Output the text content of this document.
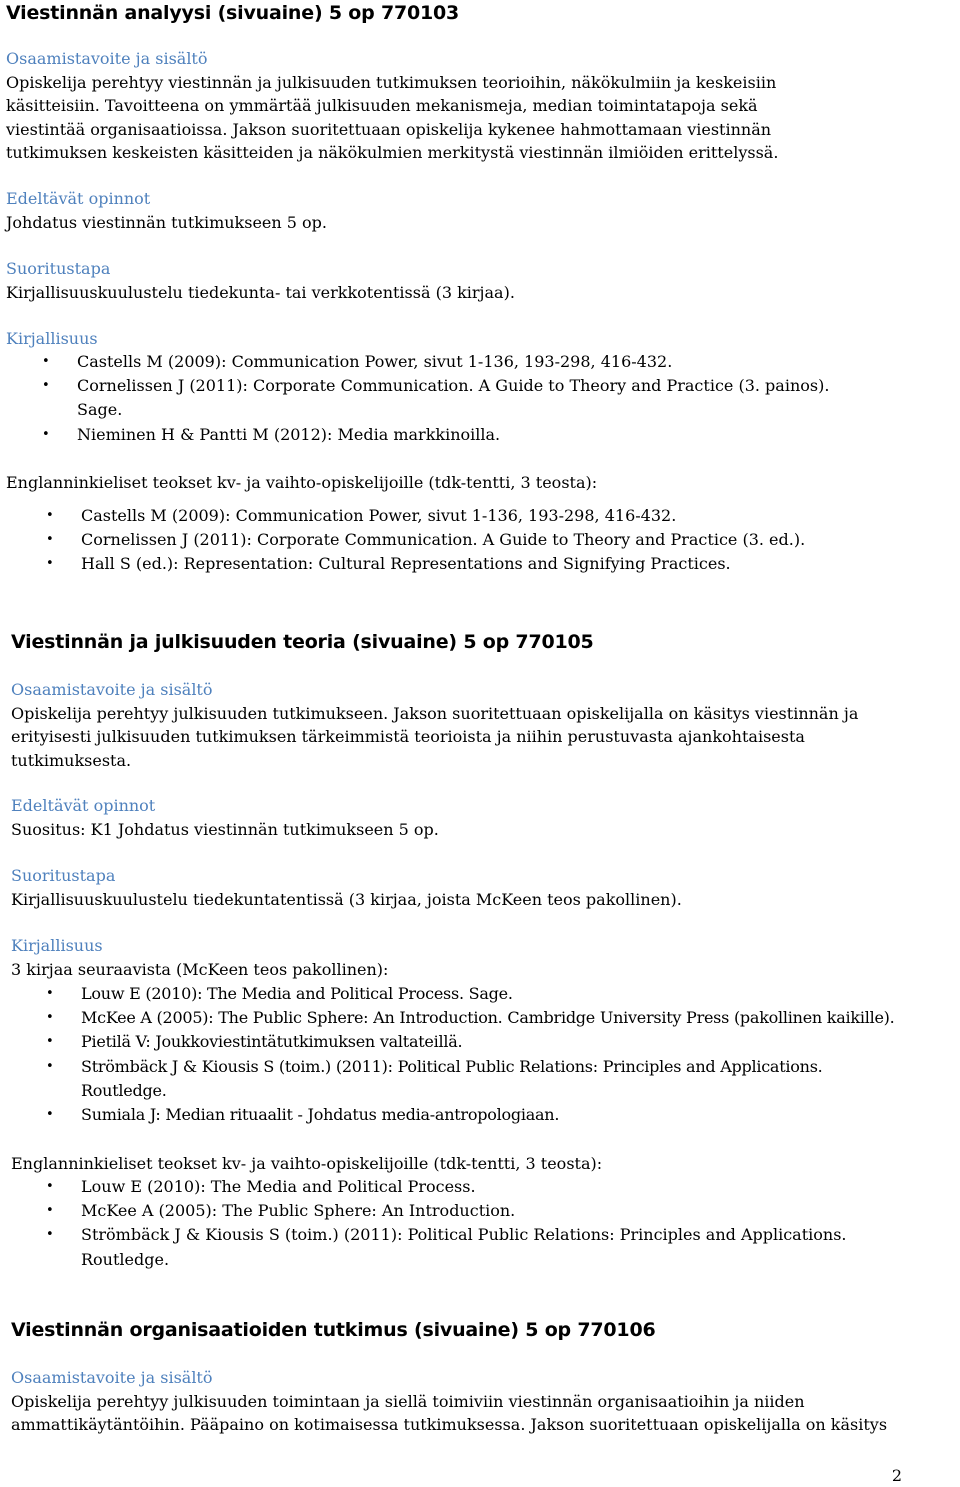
Viestinnän analyysi (sivuaine) 5 op 770103
Osaamistavoite ja sisältö

Opiskelija perehtyy viestinnän ja julkisuuden tutkimuksen teorioihin, näkökulmiin ja keskeisiin käsitteisiin. Tavoitteena on ymmärtää julkisuuden mekanismeja, median toimintatapoja sekä viestintää organisaatioissa. Jakson suoritettuaan opiskelija kykenee hahmottamaan viestinnän tutkimuksen keskeisten käsitteiden ja näkökulmien merkitystä viestinnän ilmiöiden erittelyssä.

Edeltävät opinnot

Johdatus viestinnän tutkimukseen 5 op.

Suoritustapa

Kirjallisuuskuulustelu tiedekunta- tai verkkotentissä (3 kirjaa).

Kirjallisuus
• Castells M (2009): Communication Power, sivut 1-136, 193-298, 416-432.
• Cornelissen J (2011): Corporate Communication. A Guide to Theory and Practice (3. painos). Sage.
• Nieminen H & Pantti M (2012): Media markkinoilla.

Englanninkieliset teokset kv- ja vaihto-opiskelijoille (tdk-tentti, 3 teosta):

• Castells M (2009): Communication Power, sivut 1-136, 193-298, 416-432.
• Cornelissen J (2011): Corporate Communication. A Guide to Theory and Practice (3. ed.).
• Hall S (ed.): Representation: Cultural Representations and Signifying Practices.
Viestinnän ja julkisuuden teoria (sivuaine) 5 op 770105
Osaamistavoite ja sisältö

Opiskelija perehtyy julkisuuden tutkimukseen. Jakson suoritettuaan opiskelijalla on käsitys viestinnän ja erityisesti julkisuuden tutkimuksen tärkeimmistä teorioista ja niihin perustuvasta ajankohtaisesta tutkimuksesta.

Edeltävät opinnot

Suositus: K1 Johdatus viestinnän tutkimukseen 5 op.

Suoritustapa

Kirjallisuuskuulustelu tiedekuntatentissä (3 kirjaa, joista McKeen teos pakollinen).

Kirjallisuus

3 kirjaa seuraavista (McKeen teos pakollinen):

• Louw E (2010): The Media and Political Process. Sage.
• McKee A (2005): The Public Sphere: An Introduction. Cambridge University Press (pakollinen kaikille).
• Pietilä V: Joukkoviestintätutkimuksen valtateillä.
• Strömbäck J & Kiousis S (toim.) (2011): Political Public Relations: Principles and Applications. Routledge.
• Sumiala J: Median rituaalit - Johdatus media-antropologiaan.

Englanninkieliset teokset kv- ja vaihto-opiskelijoille (tdk-tentti, 3 teosta):

• Louw E (2010): The Media and Political Process.
• McKee A (2005): The Public Sphere: An Introduction.
• Strömbäck J & Kiousis S (toim.) (2011): Political Public Relations: Principles and Applications. Routledge.
Viestinnän organisaatioiden tutkimus (sivuaine) 5 op 770106
Osaamistavoite ja sisältö

Opiskelija perehtyy julkisuuden toimintaan ja siellä toimiviin viestinnän organisaatioihin ja niiden ammattikäytäntöihin. Pääpaino on kotimaisessa tutkimuksessa. Jakson suoritettuaan opiskelijalla on käsitys

2
